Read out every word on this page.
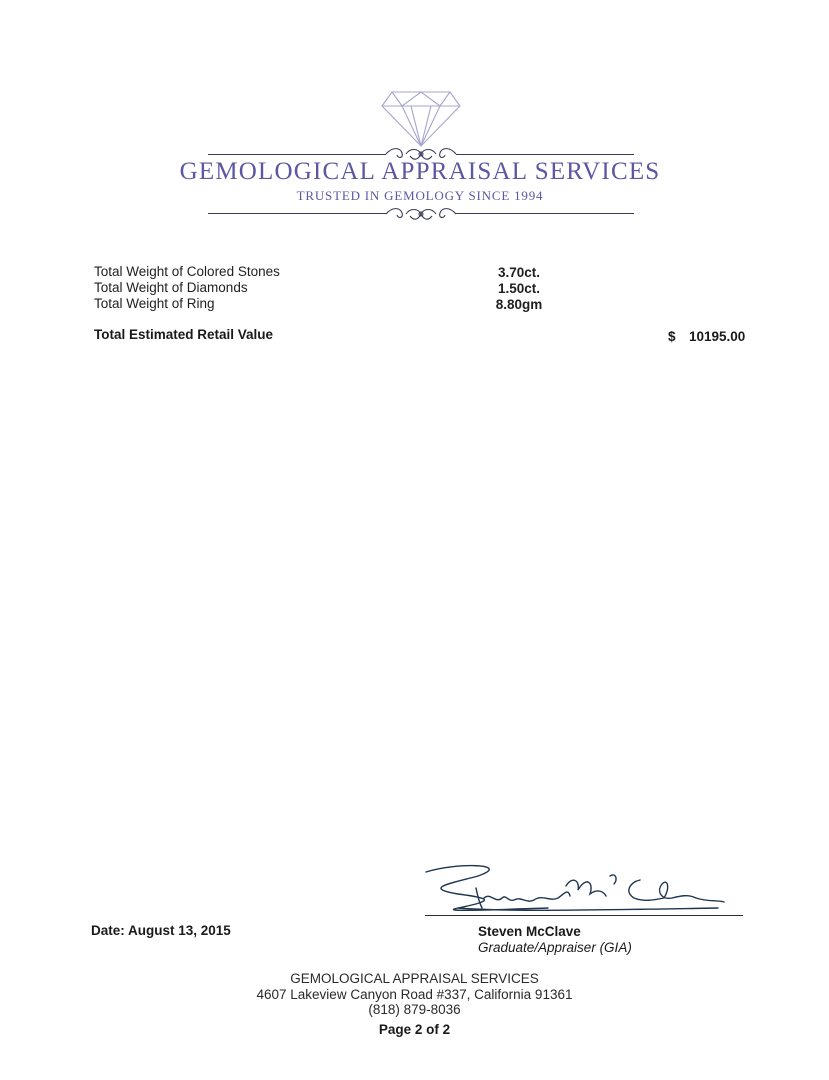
GEMOLOGICAL APPRAISAL SERVICES
TRUSTED IN GEMOLOGY SINCE 1994
Total Weight of Colored Stones	3.70ct.
Total Weight of Diamonds	1.50ct.
Total Weight of Ring	8.80gm
Total Estimated Retail Value	$ 10195.00
Date: August 13, 2015	Steven McClave
Graduate/Appraiser (GIA)
GEMOLOGICAL APPRAISAL SERVICES
4607 Lakeview Canyon Road #337, California 91361
(818) 879-8036
Page 2 of 2
